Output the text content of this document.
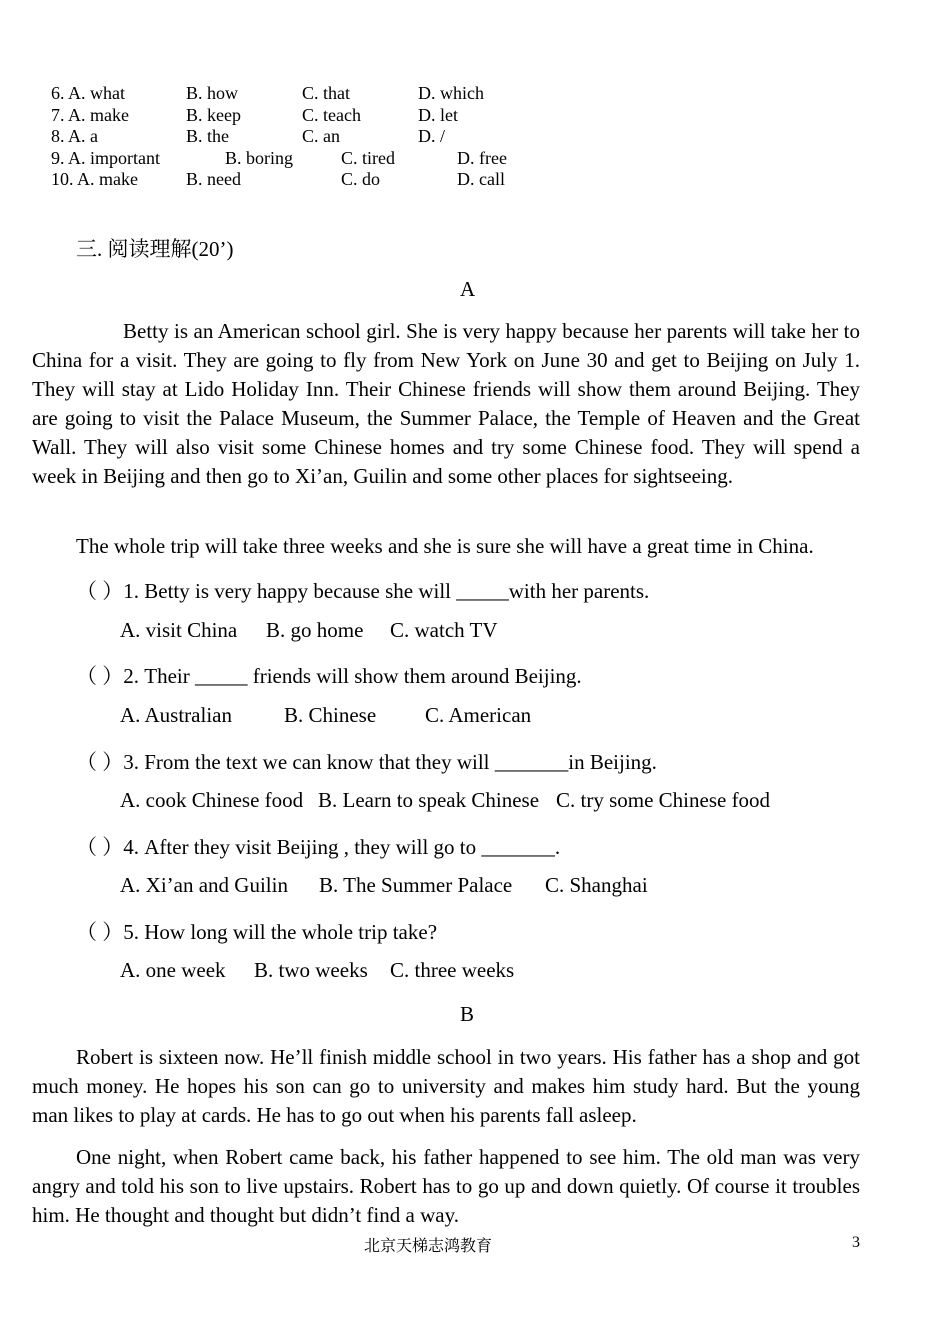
6. A. what	B. how	C. that	D. which
7. A. make	B. keep	C. teach	D. let
8. A. a	B. the	C. an	D. /
9. A. important	B. boring	C. tired	D. free
10. A. make	B. need	C. do	D. call
三. 阅读理解(20’)
A
Betty is an American school girl. She is very happy because her parents will take her to China for a visit. They are going to fly from New York on June 30 and get to Beijing on July 1. They will stay at Lido Holiday Inn. Their Chinese friends will show them around Beijing. They are going to visit the Palace Museum, the Summer Palace, the Temple of Heaven and the Great Wall. They will also visit some Chinese homes and try some Chinese food. They will spend a week in Beijing and then go to Xi’an, Guilin and some other places for sightseeing.
The whole trip will take three weeks and she is sure she will have a great time in China.
（ ）1. Betty is very happy because she will _____with her parents.
A. visit China B. go home C. watch TV
（ ）2. Their _____ friends will show them around Beijing.
A. Australian B. Chinese C. American
（ ）3. From the text we can know that they will _______in Beijing.
A. cook Chinese food B. Learn to speak Chinese C. try some Chinese food
（ ）4. After they visit Beijing , they will go to _______.
A. Xi’an and Guilin B. The Summer Palace C. Shanghai
（ ）5. How long will the whole trip take?
A. one week B. two weeks C. three weeks
B
Robert is sixteen now. He’ll finish middle school in two years. His father has a shop and got much money. He hopes his son can go to university and makes him study hard. But the young man likes to play at cards. He has to go out when his parents fall asleep.
One night, when Robert came back, his father happened to see him. The old man was very angry and told his son to live upstairs. Robert has to go up and down quietly. Of course it troubles him. He thought and thought but didn’t find a way.
北京天梯志鸿教育	3
